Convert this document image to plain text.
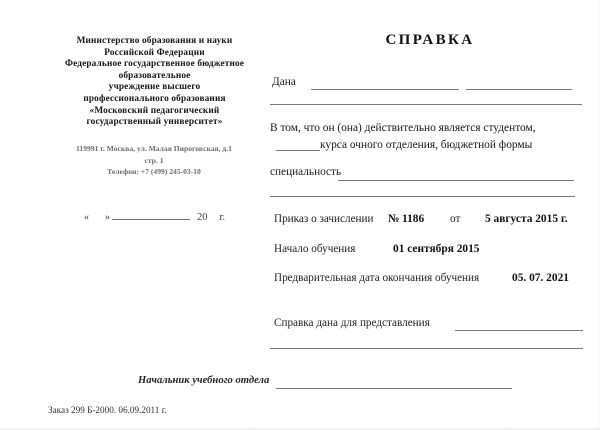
Министерство образования и науки
Российской Федерации
Федеральное государственное бюджетное
образовательное
учреждение высшего
профессионального образования
«Московский педагогический
государственный университет»
119991 г. Москва, ул. Малая Пироговская, д.1
стр. 1
Телефон: +7 (499) 245-03-10
« »	20 г.
Заказ 299 Б-2000. 06.09.2011 г.
СПРАВКА
Дана
В том, что он (она) действительно является студентом,
курса очного отделения, бюджетной формы
специальность
Приказ о зачислении № 1186 от 5 августа 2015 г.
Начало обучения	01 сентября 2015
Предварительная дата окончания обучения	05. 07. 2021
Справка дана для представления
Начальник учебного отдела
